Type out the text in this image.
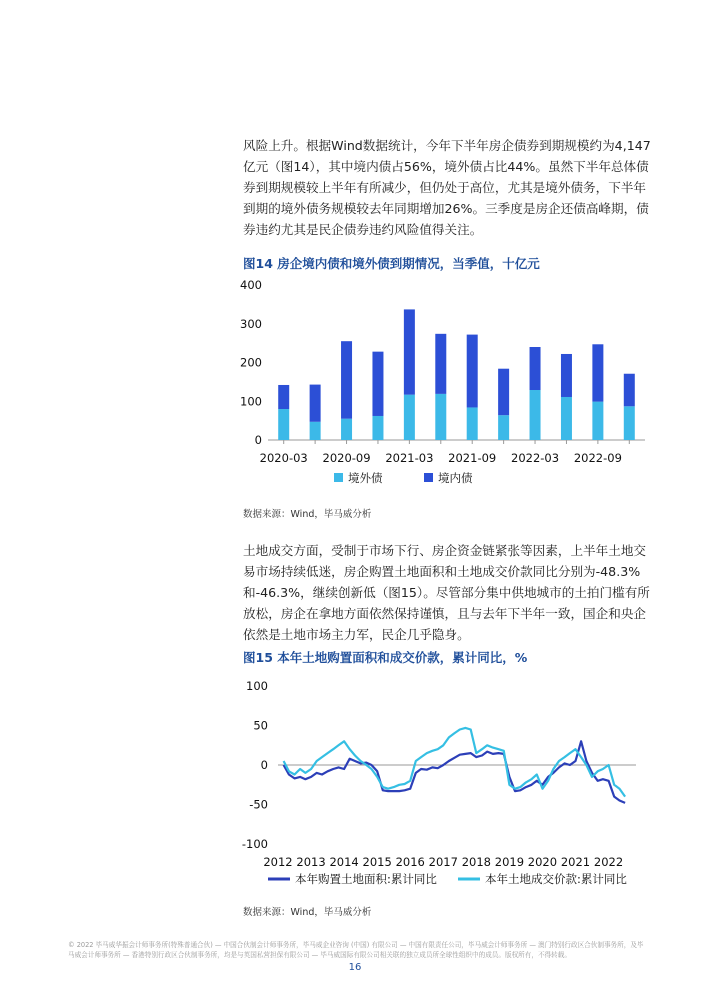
风险上升。根据Wind数据统计，今年下半年房企债券到期规模约为4,147亿元（图14），其中境内债占56%，境外债占比44%。虽然下半年总体债券到期规模较上半年有所减少，但仍处于高位，尤其是境外债务，下半年到期的境外债务规模较去年同期增加26%。三季度是房企还债高峰期，债券违约尤其是民企债券违约风险值得关注。

图14 房企境内债和境外债到期情况，当季值，十亿元

0
100
200
300
400
2020-03 2020-09 2021-03 2021-09 2022-03 2022-09
境外债	境内债

数据来源：Wind，毕马威分析

土地成交方面，受制于市场下行、房企资金链紧张等因素，上半年土地交易市场持续低迷，房企购置土地面积和土地成交价款同比分别为-48.3%和-46.3%，继续创新低（图15）。尽管部分集中供地城市的土拍门槛有所放松，房企在拿地方面依然保持谨慎，且与去年下半年一致，国企和央企依然是土地市场主力军，民企几乎隐身。

图15 本年土地购置面积和成交价款，累计同比，%

100
50
0
-50
-100
2012 2013 2014 2015 2016 2017 2018 2019 2020 2021 2022
本年购置土地面积:累计同比	本年土地成交价款:累计同比

数据来源：Wind，毕马威分析

© 2022 毕马威华振会计师事务所(特殊普通合伙) — 中国合伙制会计师事务所，毕马威企业咨询 (中国) 有限公司 — 中国有限责任公司，毕马威会计师事务所 — 澳门特别行政区合伙制事务所，及毕马威会计师事务所 — 香港特别行政区合伙制事务所，均是与英国私营担保有限公司 — 毕马威国际有限公司相关联的独立成员所全球性组织中的成员。版权所有，不得转载。

16
